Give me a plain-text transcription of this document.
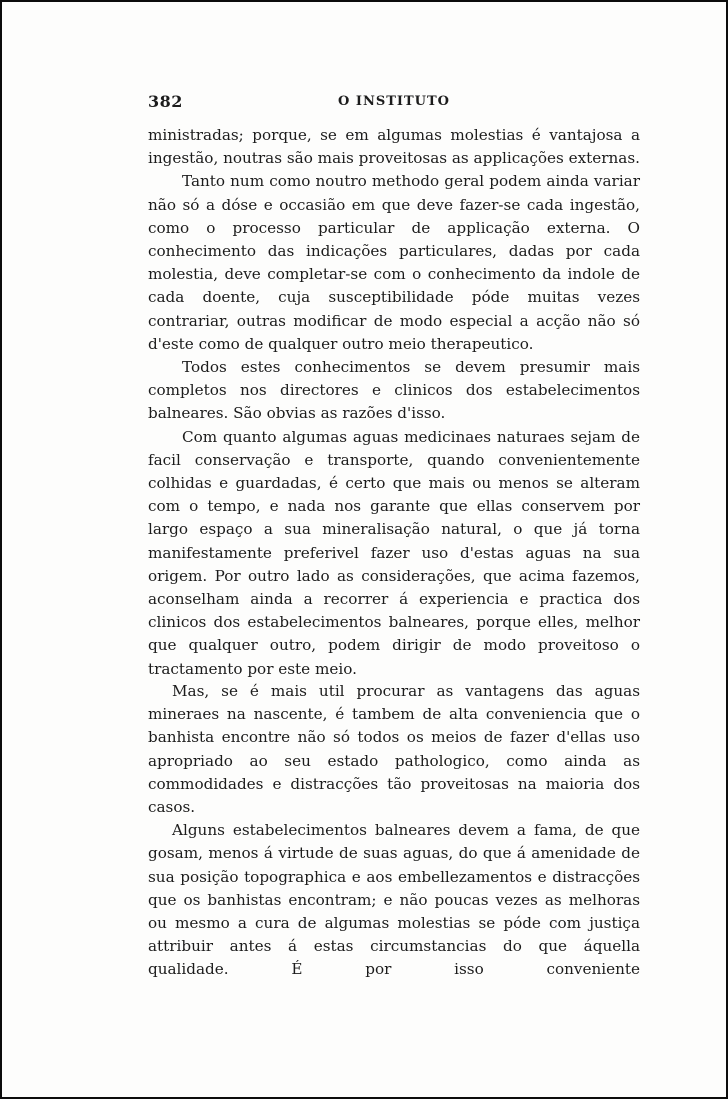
382	O INSTITUTO

ministradas; porque, se em algumas molestias é vantajosa a ingestão, noutras são mais proveitosas as applicações externas.

Tanto num como noutro methodo geral podem ainda variar não só a dóse e occasião em que deve fazer-se cada ingestão, como o processo particular de applicação externa. O conhecimento das indicações particulares, dadas por cada molestia, deve completar-se com o conhecimento da indole de cada doente, cuja susceptibilidade póde muitas vezes contrariar, outras modificar de modo especial a acção não só d'este como de qualquer outro meio therapeutico.

Todos estes conhecimentos se devem presumir mais completos nos directores e clinicos dos estabelecimentos balneares. São obvias as razões d'isso.

Com quanto algumas aguas medicinaes naturaes sejam de facil conservação e transporte, quando convenientemente colhidas e guardadas, é certo que mais ou menos se alteram com o tempo, e nada nos garante que ellas conservem por largo espaço a sua mineralisação natural, o que já torna manifestamente preferivel fazer uso d'estas aguas na sua origem. Por outro lado as considerações, que acima fazemos, aconselham ainda a recorrer á experiencia e practica dos clinicos dos estabelecimentos balneares, porque elles, melhor que qualquer outro, podem dirigir de modo proveitoso o tractamento por este meio.

Mas, se é mais util procurar as vantagens das aguas mineraes na nascente, é tambem de alta conveniencia que o banhista encontre não só todos os meios de fazer d'ellas uso apropriado ao seu estado pathologico, como ainda as commodidades e distracções tão proveitosas na maioria dos casos.

Alguns estabelecimentos balneares devem a fama, de que gosam, menos á virtude de suas aguas, do que á amenidade de sua posição topographica e aos embellezamentos e distracções que os banhistas encontram; e não poucas vezes as melhoras ou mesmo a cura de algumas molestias se póde com justiça attribuir antes á estas circumstancias do que áquella qualidade. É por isso conveniente
